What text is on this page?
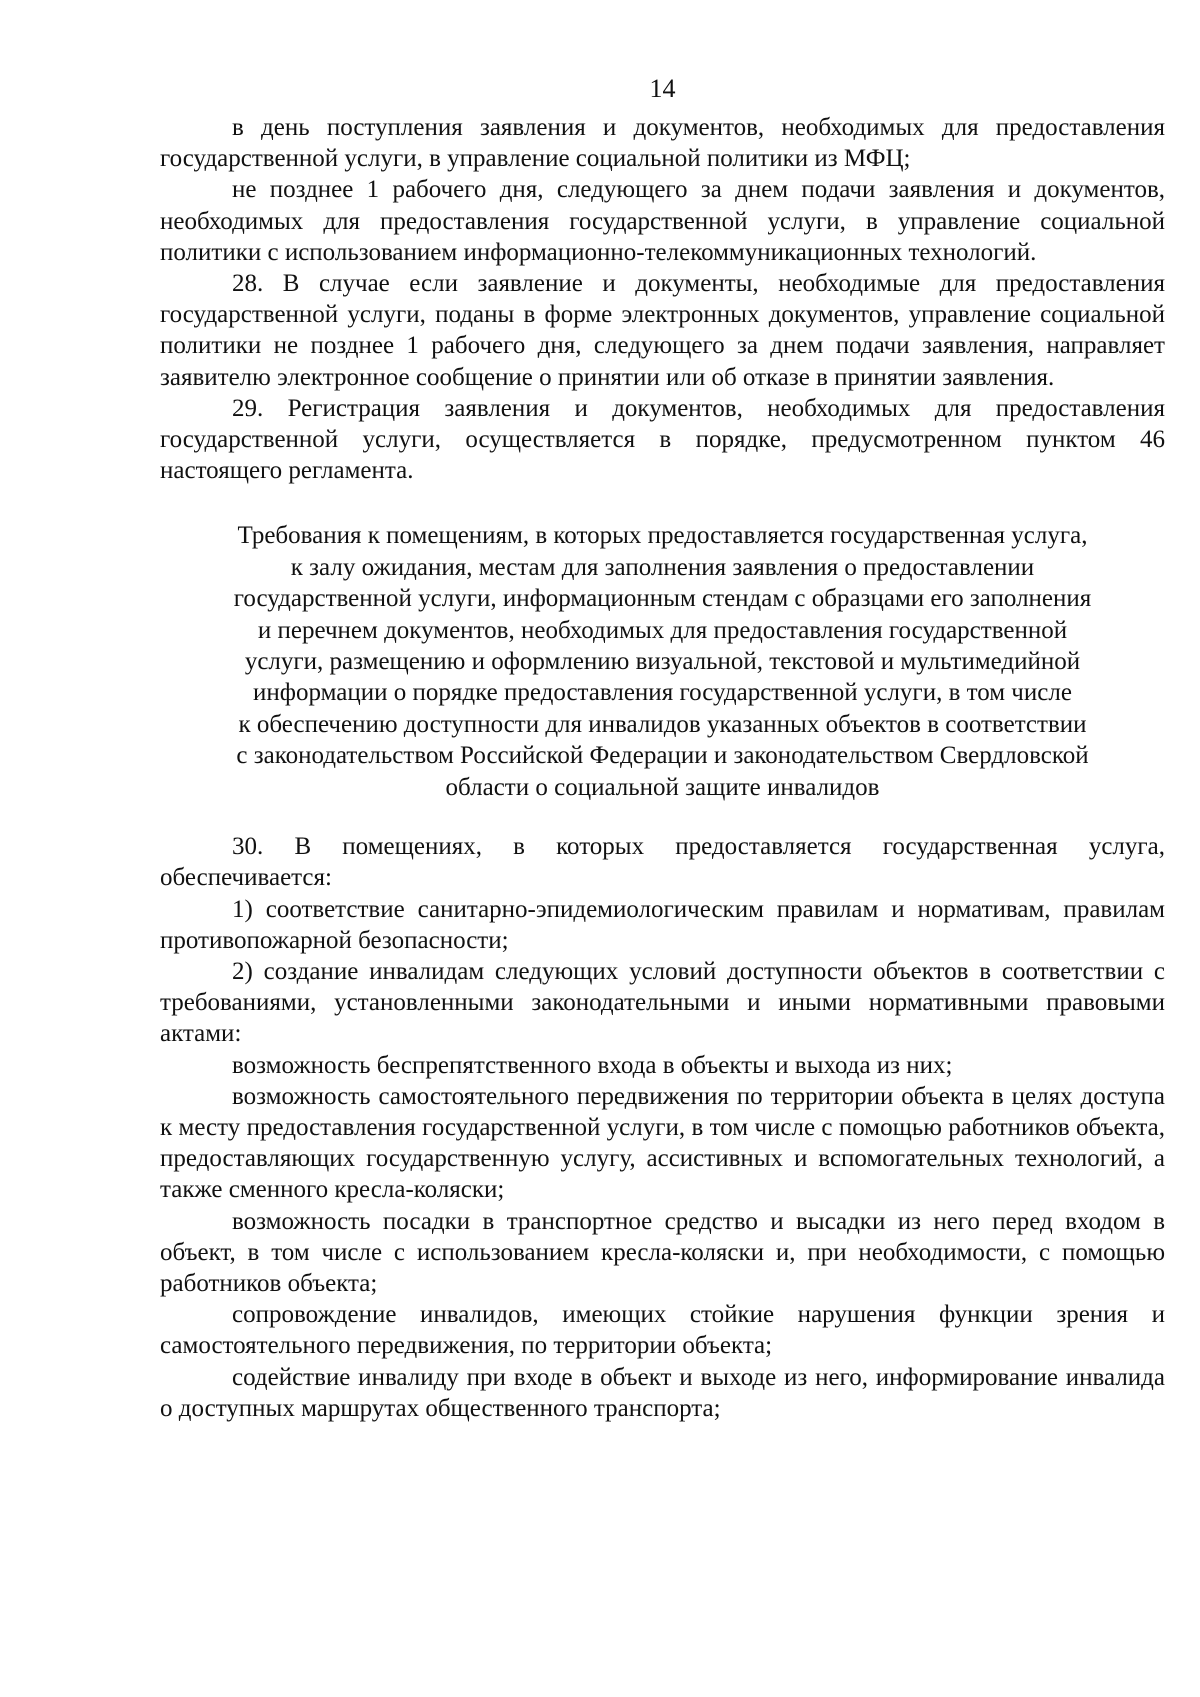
14

в день поступления заявления и документов, необходимых для предоставления государственной услуги, в управление социальной политики из МФЦ;

не позднее 1 рабочего дня, следующего за днем подачи заявления и документов, необходимых для предоставления государственной услуги, в управление социальной политики с использованием информационно-телекоммуникационных технологий.

28. В случае если заявление и документы, необходимые для предоставления государственной услуги, поданы в форме электронных документов, управление социальной политики не позднее 1 рабочего дня, следующего за днем подачи заявления, направляет заявителю электронное сообщение о принятии или об отказе в принятии заявления.

29. Регистрация заявления и документов, необходимых для предоставления государственной услуги, осуществляется в порядке, предусмотренном пунктом 46 настоящего регламента.

Требования к помещениям, в которых предоставляется государственная услуга,
к залу ожидания, местам для заполнения заявления о предоставлении
государственной услуги, информационным стендам с образцами его заполнения
и перечнем документов, необходимых для предоставления государственной
услуги, размещению и оформлению визуальной, текстовой и мультимедийной
информации о порядке предоставления государственной услуги, в том числе
к обеспечению доступности для инвалидов указанных объектов в соответствии
с законодательством Российской Федерации и законодательством Свердловской
области о социальной защите инвалидов

30. В помещениях, в которых предоставляется государственная услуга, обеспечивается:

1) соответствие санитарно-эпидемиологическим правилам и нормативам, правилам противопожарной безопасности;

2) создание инвалидам следующих условий доступности объектов в соответствии с требованиями, установленными законодательными и иными нормативными правовыми актами:

возможность беспрепятственного входа в объекты и выхода из них;

возможность самостоятельного передвижения по территории объекта в целях доступа к месту предоставления государственной услуги, в том числе с помощью работников объекта, предоставляющих государственную услугу, ассистивных и вспомогательных технологий, а также сменного кресла-коляски;

возможность посадки в транспортное средство и высадки из него перед входом в объект, в том числе с использованием кресла-коляски и, при необходимости, с помощью работников объекта;

сопровождение инвалидов, имеющих стойкие нарушения функции зрения и самостоятельного передвижения, по территории объекта;

содействие инвалиду при входе в объект и выходе из него, информирование инвалида о доступных маршрутах общественного транспорта;
